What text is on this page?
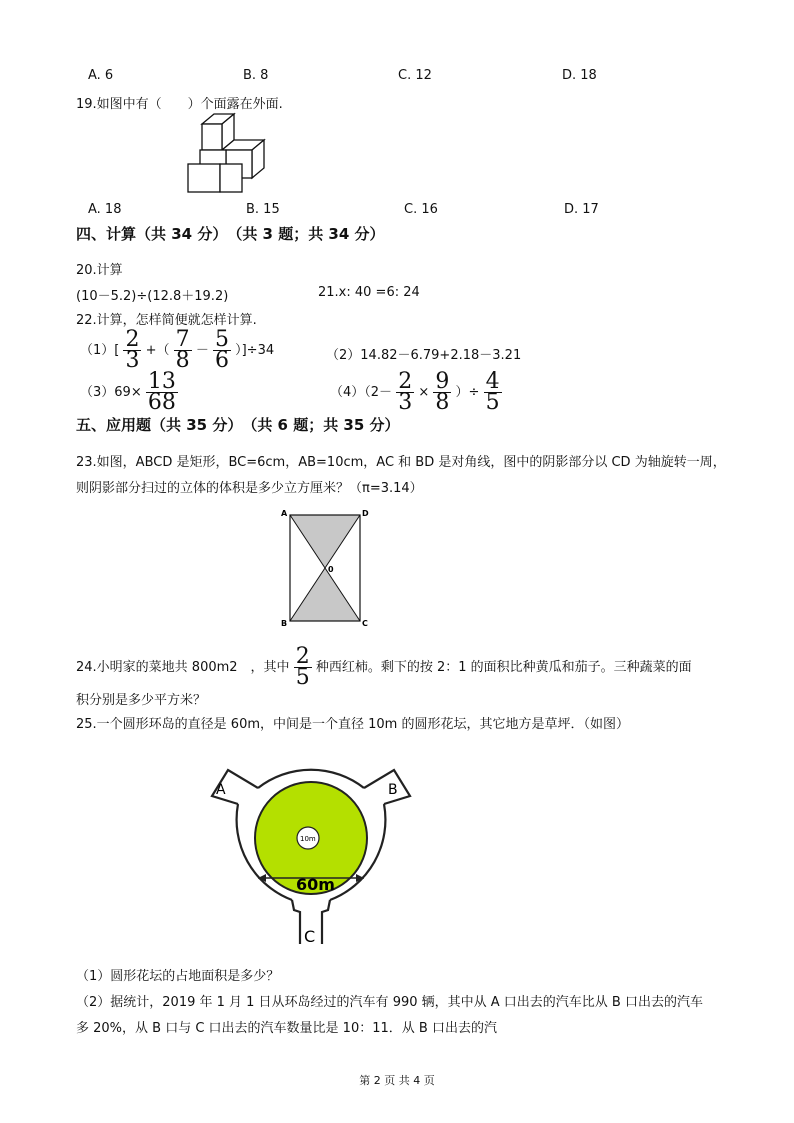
A. 6	B. 8	C. 12	D. 18
19.如图中有（　　）个面露在外面.
A. 18	B. 15	C. 16	D. 17
四、计算（共 34 分）　（共 3 题；共 34 分）
20.计算
(10－5.2)÷(12.8＋19.2)	21.x: 40 =6: 24
22.计算，怎样简便就怎样计算.
$(1)[ \frac{2}{3}$ +（ $\frac{7}{8} - \frac{5}{6} )]\div 34$	（2）14.82－6.79+2.18－3.21
$(3)69\times \frac{13}{68}$	$(4)(2- \frac{2}{3} \times \frac{9}{8}$ ）÷ $\frac{4}{5}$
五、应用题（共 35 分）　（共 6 题；共 35 分）
23.如图，ABCD 是矩形，BC=6cm，AB=10cm，AC 和 BD 是对角线，图中的阴影部分以 CD 为轴旋转一周，
则阴影部分扫过的立体的体积是多少立方厘米？（π=3.14）
A	D
0
B	C
24.小明家的菜地共 800m2　，其中 $\frac{2}{5}$ 种西红柿。剩下的按 2：1 的面积比种黄瓜和茄子。三种蔬菜的面
积分别是多少平方米？
25.一个圆形环岛的直径是 60m，中间是一个直径 10m 的圆形花坛，其它地方是草坪．（如图）
10m
60m
A	B
C
（1）圆形花坛的占地面积是多少？
（2）据统计，2019 年 1 月 1 日从环岛经过的汽车有 990 辆，其中从 A 口出去的汽车比从 B 口出去的汽车
多 20%，从 B 口与 C 口出去的汽车数量比是 10：11．从 B 口出去的汽
第 2 页 共 4 页
